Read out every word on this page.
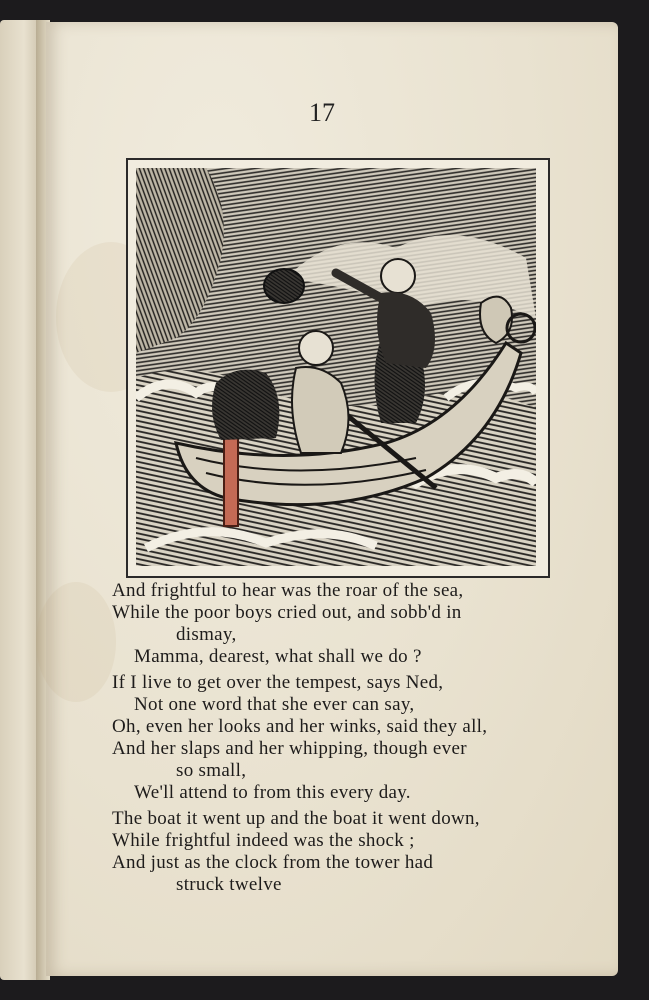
17
And frightful to hear was the roar of the sea,
While the poor boys cried out, and sobb'd in
dismay,
Mamma, dearest, what shall we do ?
If I live to get over the tempest, says Ned,
Not one word that she ever can say,
Oh, even her looks and her winks, said they all,
And her slaps and her whipping, though ever
so small,
We'll attend to from this every day.
The boat it went up and the boat it went down,
While frightful indeed was the shock ;
And just as the clock from the tower had
struck twelve
